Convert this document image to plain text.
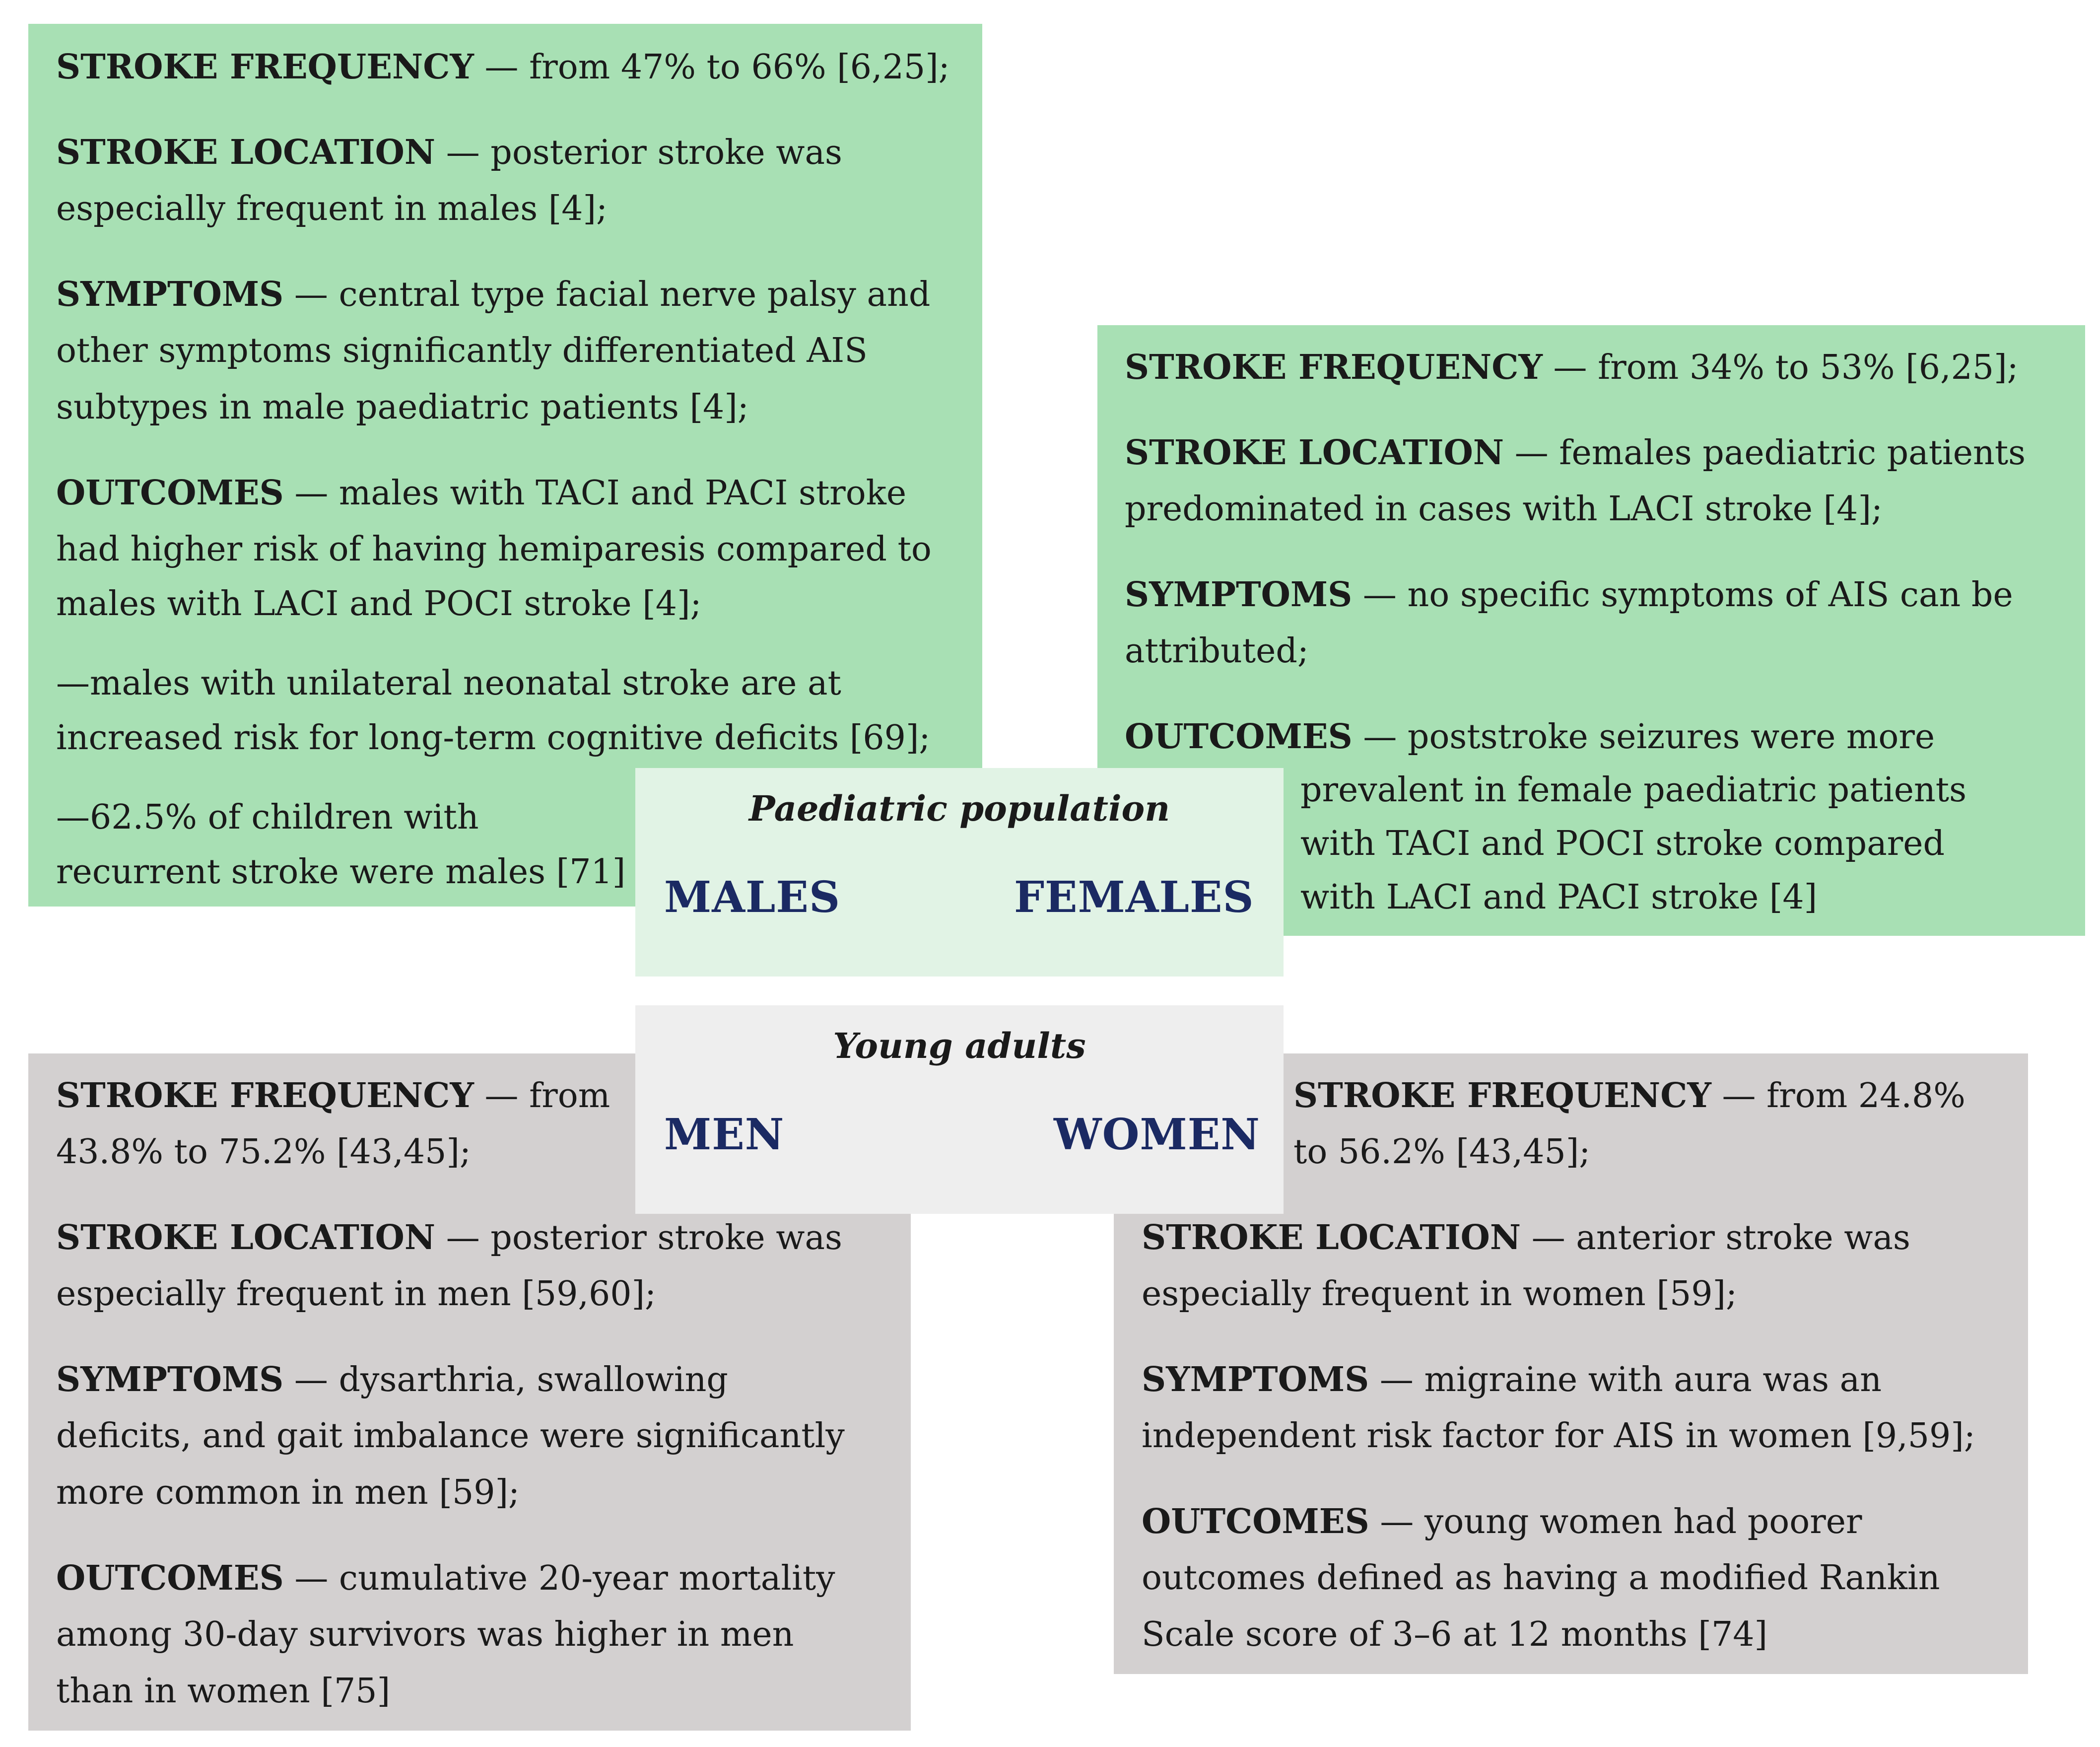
STROKE FREQUENCY — from 47% to 66% [6,25];
STROKE LOCATION — posterior stroke was
especially frequent in males [4];
SYMPTOMS — central type facial nerve palsy and
other symptoms significantly differentiated AIS
subtypes in male paediatric patients [4];
OUTCOMES — males with TACI and PACI stroke
had higher risk of having hemiparesis compared to
males with LACI and POCI stroke [4];
—males with unilateral neonatal stroke are at
increased risk for long-term cognitive deficits [69];
—62.5% of children with
recurrent stroke were males [71]
STROKE FREQUENCY — from 34% to 53% [6,25];
STROKE LOCATION — females paediatric patients
predominated in cases with LACI stroke [4];
SYMPTOMS — no specific symptoms of AIS can be
attributed;
OUTCOMES — poststroke seizures were more
prevalent in female paediatric patients
with TACI and POCI stroke compared
with LACI and PACI stroke [4]
STROKE FREQUENCY — from
43.8% to 75.2% [43,45];
STROKE LOCATION — posterior stroke was
especially frequent in men [59,60];
SYMPTOMS — dysarthria, swallowing
deficits, and gait imbalance were significantly
more common in men [59];
OUTCOMES — cumulative 20-year mortality
among 30-day survivors was higher in men
than in women [75]
STROKE FREQUENCY — from 24.8%
to 56.2% [43,45];
STROKE LOCATION — anterior stroke was
especially frequent in women [59];
SYMPTOMS — migraine with aura was an
independent risk factor for AIS in women [9,59];
OUTCOMES — young women had poorer
outcomes defined as having a modified Rankin
Scale score of 3–6 at 12 months [74]
Paediatric population
MALES	FEMALES
Young adults
MEN	WOMEN
